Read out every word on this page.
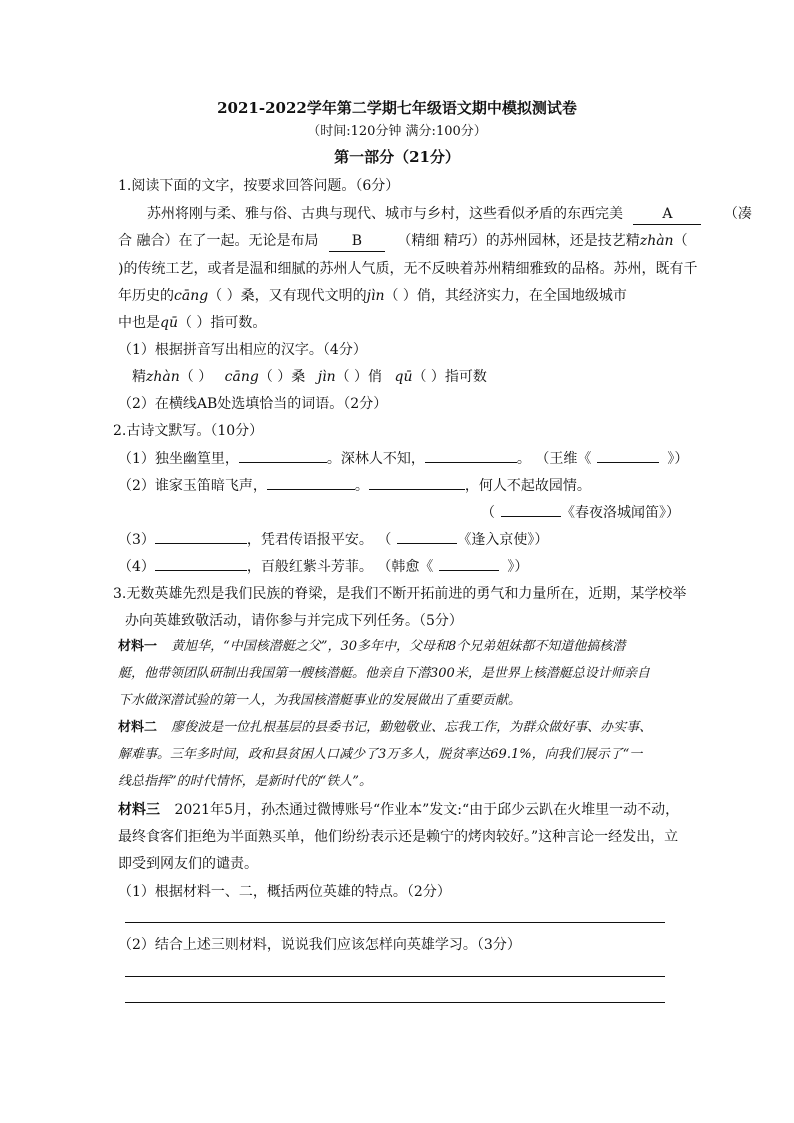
2021-2022学年第二学期七年级语文期中模拟测试卷
（时间:120分钟 满分:100分）
第一部分（21分）
1.阅读下面的文字，按要求回答问题。（6分）
苏州将刚与柔、雅与俗、古典与现代、城市与乡村，这些看似矛盾的东西完美	A	（凑
合 融合）在了一起。无论是布局 B	（精细 精巧）的苏州园林，还是技艺精zhàn（
)的传统工艺，或者是温和细腻的苏州人气质，无不反映着苏州精细雅致的品格。苏州，既有千
年历史的cāng（ ）桑，又有现代文明的jìn（ ）俏，其经济实力，在全国地级城市
中也是qū（ ）指可数。
（1）根据拼音写出相应的汉字。（4分）
精zhàn（ ） cāng（ ）桑 jìn（ ）俏 qū（ ）指可数
（2）在横线AB处选填恰当的词语。（2分）
2.古诗文默写。（10分）
（1）独坐幽篁里，	。深林人不知，	。 （王维《	》）
（2）谁家玉笛暗飞声，	。	，何人不起故园情。
（	《春夜洛城闻笛》）
（3）	，凭君传语报平安。 （	《逢入京使》）
（4）	，百般红紫斗芳菲。 （韩愈《	》）
3.无数英雄先烈是我们民族的脊梁，是我们不断开拓前进的勇气和力量所在，近期，某学校举
办向英雄致敬活动，请你参与并完成下列任务。（5分）
材料一 黄旭华，“中国核潜艇之父”，30多年中，父母和8个兄弟姐妹都不知道他搞核潜
艇，他带领团队研制出我国第一艘核潜艇。他亲自下潜300米，是世界上核潜艇总设计师亲自
下水做深潜试验的第一人，为我国核潜艇事业的发展做出了重要贡献。
材料二 廖俊波是一位扎根基层的县委书记，勤勉敬业、忘我工作，为群众做好事、办实事、
解难事。三年多时间，政和县贫困人口减少了3万多人，脱贫率达69.1%，向我们展示了“一
线总指挥”的时代情怀，是新时代的“铁人”。
材料三 2021年5月，孙杰通过微博账号“作业本”发文:“由于邱少云趴在火堆里一动不动，
最终食客们拒绝为半面熟买单，他们纷纷表示还是赖宁的烤肉较好。”这种言论一经发出，立
即受到网友们的谴责。
（1）根据材料一、二，概括两位英雄的特点。（2分）
（2）结合上述三则材料，说说我们应该怎样向英雄学习。（3分）
